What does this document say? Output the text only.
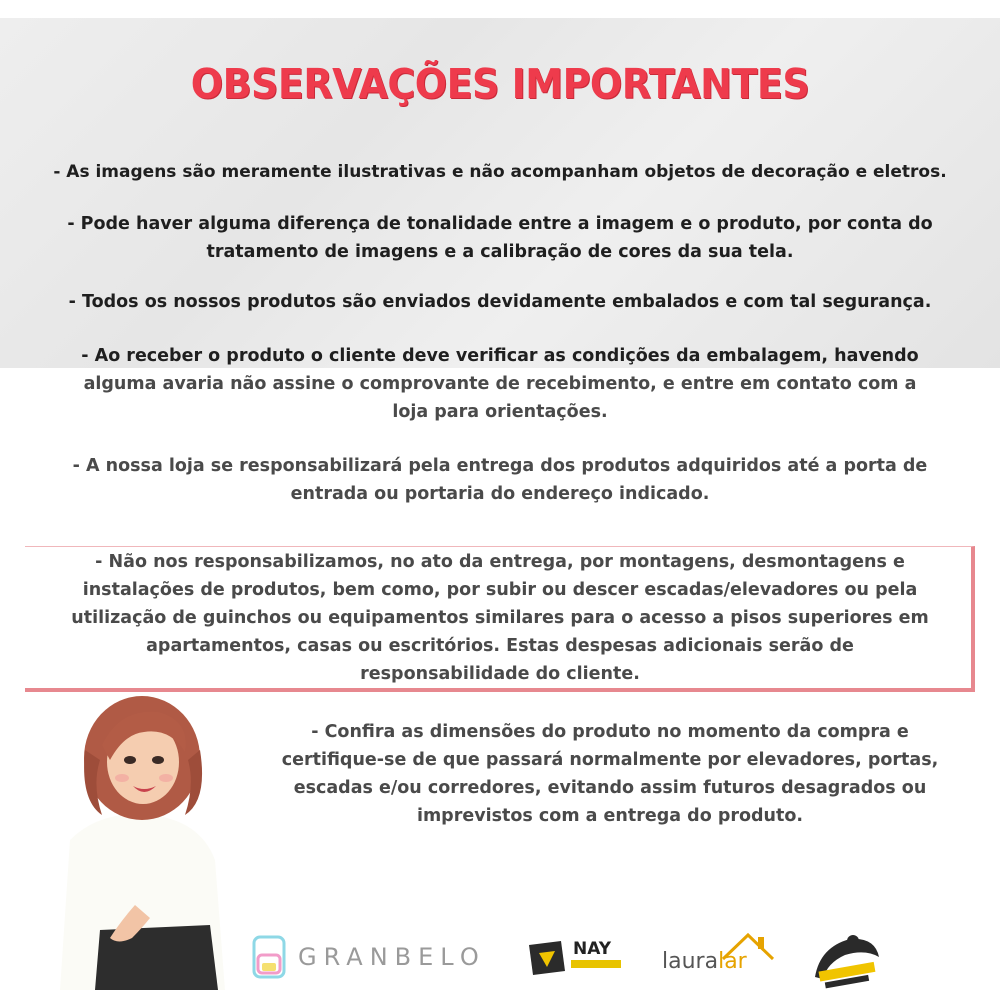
OBSERVAÇÕES IMPORTANTES
- As imagens são meramente ilustrativas e não acompanham objetos de decoração e eletros.
- Pode haver alguma diferença de tonalidade entre a imagem e o produto, por conta do
tratamento de imagens e a calibração de cores da sua tela.
- Todos os nossos produtos são enviados devidamente embalados e com tal segurança.
- Ao receber o produto o cliente deve verificar as condições da embalagem, havendo
alguma avaria não assine o comprovante de recebimento, e entre em contato com a
loja para orientações.
- A nossa loja se responsabilizará pela entrega dos produtos adquiridos até a porta de
entrada ou portaria do endereço indicado.
- Não nos responsabilizamos, no ato da entrega, por montagens, desmontagens e
instalações de produtos, bem como, por subir ou descer escadas/elevadores ou pela
utilização de guinchos ou equipamentos similares para o acesso a pisos superiores em
apartamentos, casas ou escritórios. Estas despesas adicionais serão de
responsabilidade do cliente.
- Confira as dimensões do produto no momento da compra e
certifique-se de que passará normalmente por elevadores, portas,
escadas e/ou corredores, evitando assim futuros desagrados ou
imprevistos com a entrega do produto.
GRANBELO	NAY lauralar
